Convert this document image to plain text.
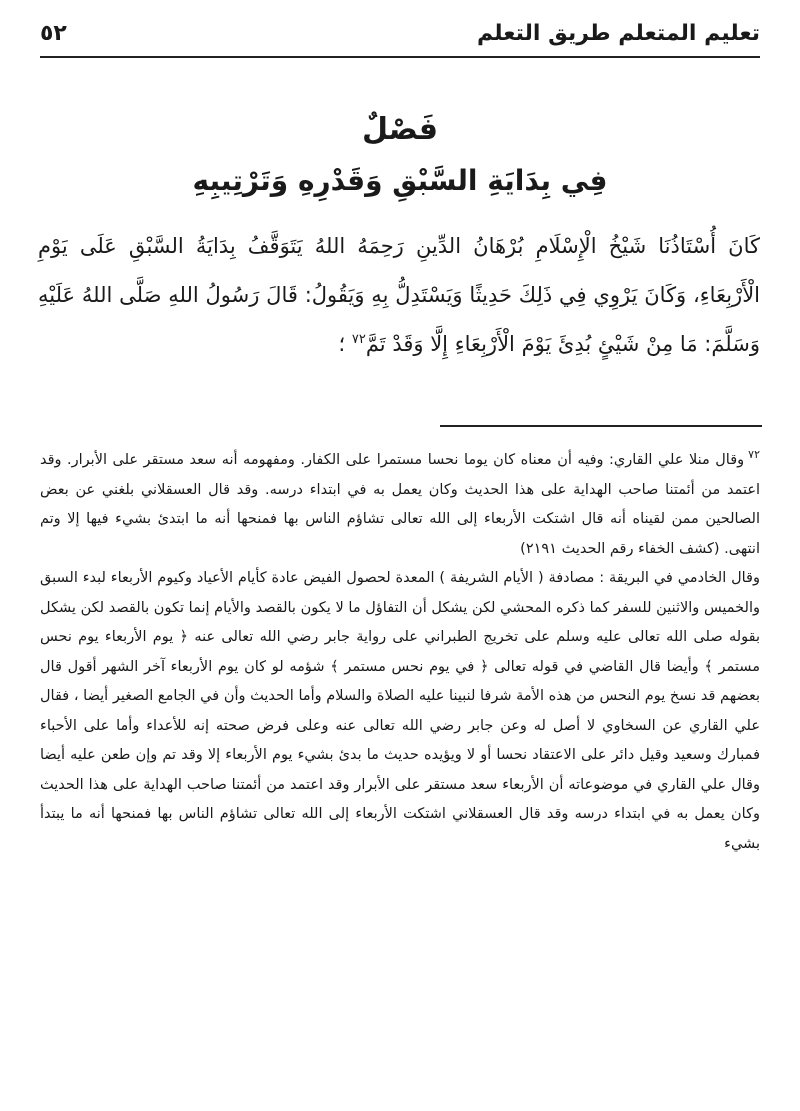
تعليم المتعلم طريق التعلم
٥٢
فَصْلٌ
فِي بِدَايَةِ السَّبْقِ وَقَدْرِهِ وَتَرْتِيبِهِ
كَانَ أُسْتَاذُنَا شَيْخُ الْإِسْلَامِ بُرْهَانُ الدِّينِ رَحِمَهُ اللهُ يَتَوَقَّفُ بِدَايَةُ السَّبْقِ عَلَى يَوْمِ الْأَرْبِعَاءِ، وَكَانَ يَرْوِي فِي ذَلِكَ حَدِيثًا وَيَسْتَدِلُّ بِهِ وَيَقُولُ: قَالَ رَسُولُ اللهِ صَلَّى اللهُ عَلَيْهِ وَسَلَّمَ: مَا مِنْ شَيْئٍ بُدِئَ يَوْمَ الْأَرْبِعَاءِ إِلَّا وَقَدْ تَمَّ$^{٧٢}$ ؛

$^{٧٢}$وقال منلا علي القاري: وفيه أن معناه كان يوما نحسا مستمرا على الكفار. ومفهومه أنه سعد مستقر على الأبرار. وقد اعتمد من أئمتنا صاحب الهداية على هذا الحديث وكان يعمل به في ابتداء درسه. وقد قال العسقلاني بلغني عن بعض الصالحين ممن لقيناه أنه قال اشتكت الأربعاء إلى الله تعالى تشاؤم الناس بها فمنحها أنه ما ابتدئ بشيء فيها إلا وتم انتهى. (كشف الخفاء رقم الحديث ٢١٩١)

وقال الخادمي في البريقة : مصادفة ( الأيام الشريفة ) المعدة لحصول الفيض عادة كأيام الأعياد وكيوم الأربعاء لبدء السبق والخميس والاثنين للسفر كما ذكره المحشي لكن يشكل أن التفاؤل ما لا يكون بالقصد والأيام إنما تكون بالقصد لكن يشكل بقوله صلى الله تعالى عليه وسلم على تخريج الطبراني على رواية جابر رضي الله تعالى عنه ﴿ يوم الأربعاء يوم نحس مستمر ﴾ وأيضا قال القاضي في قوله تعالى ﴿ في يوم نحس مستمر ﴾ شؤمه لو كان يوم الأربعاء آخر الشهر أقول قال بعضهم قد نسخ يوم النحس من هذه الأمة شرفا لنبينا عليه الصلاة والسلام وأما الحديث وأن في الجامع الصغير أيضا ، فقال علي القاري عن السخاوي لا أصل له وعن جابر رضي الله تعالى عنه وعلى فرض صحته إنه للأعداء وأما على الأحباء فمبارك وسعيد وقيل دائر على الاعتقاد نحسا أو لا ويؤيده حديث ما بدئ بشيء يوم الأربعاء إلا وقد تم وإن طعن عليه أيضا وقال علي القاري في موضوعاته أن الأربعاء سعد مستقر على الأبرار وقد اعتمد من أئمتنا صاحب الهداية على هذا الحديث وكان يعمل به في ابتداء درسه وقد قال العسقلاني اشتكت الأربعاء إلى الله تعالى تشاؤم الناس بها فمنحها أنه ما يبتدأ بشيء
